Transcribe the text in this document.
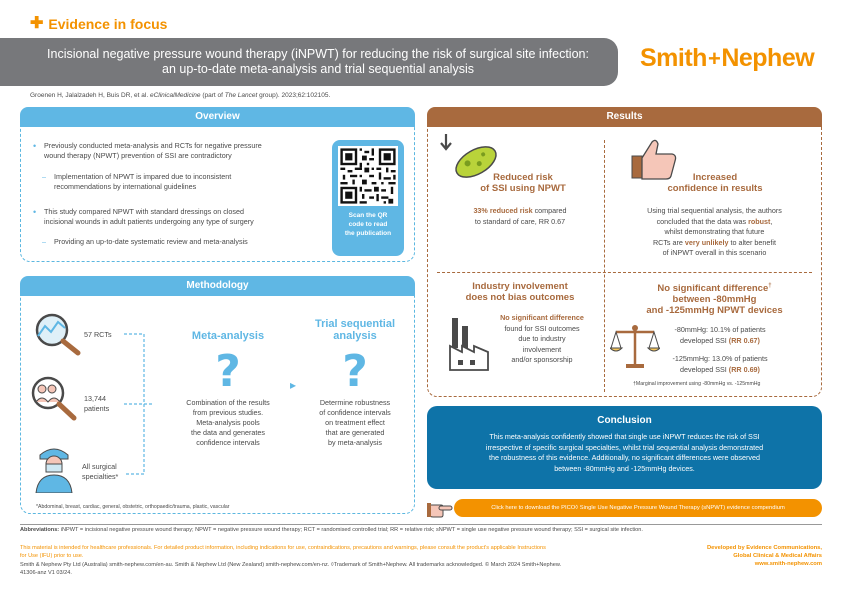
✚ Evidence in focus
Incisional negative pressure wound therapy (iNPWT) for reducing the risk of surgical site infection:
an up-to-date meta-analysis and trial sequential analysis	Smith + Nephew
Groenen H, Jalalzadeh H, Buis DR, et al. eClinicalMedicine (part of The Lancet group). 2023;62:102105.
Overview
• Previously conducted meta-analysis and RCTs for negative pressure
wound therapy (NPWT) prevention of SSI are contradictory
– Implementation of NPWT is impared due to inconsistent
recommendations by international guidelines
• This study compared NPWT with standard dressings on closed
incisional wounds in adult patients undergoing any type of surgery
– Providing an up-to-date systematic review and meta-analysis
Scan the QR
code to read
the publication
Methodology
57 RCTs
13,744
patients
All surgical
specialties*
Meta-analysis
?
Combination of the results
from previous studies.
Meta-analysis pools
the data and generates
confidence intervals
▸
Trial sequential
analysis
?
Determine robustness
of confidence intervals
on treatment effect
that are generated
by meta-analysis
*Abdominal, breast, cardiac, general, obstetric, orthopaedic/trauma, plastic, vascular
Results
Reduced risk
of SSI using NPWT
33% reduced risk compared
to standard of care, RR 0.67
Increased
confidence in results
Using trial sequential analysis, the authors
concluded that the data was robust,
whilst demonstrating that future
RCTs are very unlikely to alter benefit
of iNPWT overall in this scenario
Industry involvement
does not bias outcomes
No significant difference
found for SSI outcomes
due to industry
involvement
and/or sponsorship
No significant difference†
between -80mmHg
and -125mmHg NPWT devices
-80mmHg: 10.1% of patients
developed SSI (RR 0.67)
-125mmHg: 13.0% of patients
developed SSI (RR 0.69)
†Marginal improvement using -80mmHg vs. -125mmHg
Conclusion
This meta-analysis confidently showed that single use iNPWT reduces the risk of SSI
irrespective of specific surgical specialties, whilst trial sequential analysis demonstrated
the robustness of this evidence. Additionally, no significant differences were observed
between -80mmHg and -125mmHg devices.
Click here to download the PICO◊ Single Use Negative Pressure Wound Therapy (sNPWT) evidence compendium
Abbreviations: iNPWT = incisional negative pressure wound therapy; NPWT = negative pressure wound therapy; RCT = randomised controlled trial; RR = relative risk; sNPWT = single use negative pressure wound therapy; SSI = surgical site infection.
This material is intended for healthcare professionals. For detailed product information, including indications for use, contraindications, precautions and warnings, please consult the product's applicable Instructions
for Use (IFU) prior to use.
Smith & Nephew Pty Ltd (Australia) smith-nephew.com/en-au. Smith & Nephew Ltd (New Zealand) smith-nephew.com/en-nz. ◊Trademark of Smith+Nephew. All trademarks acknowledged. © March 2024 Smith+Nephew.
41306-anz V1 03/24.
Developed by Evidence Communications,
Global Clinical & Medical Affairs
www.smith-nephew.com
